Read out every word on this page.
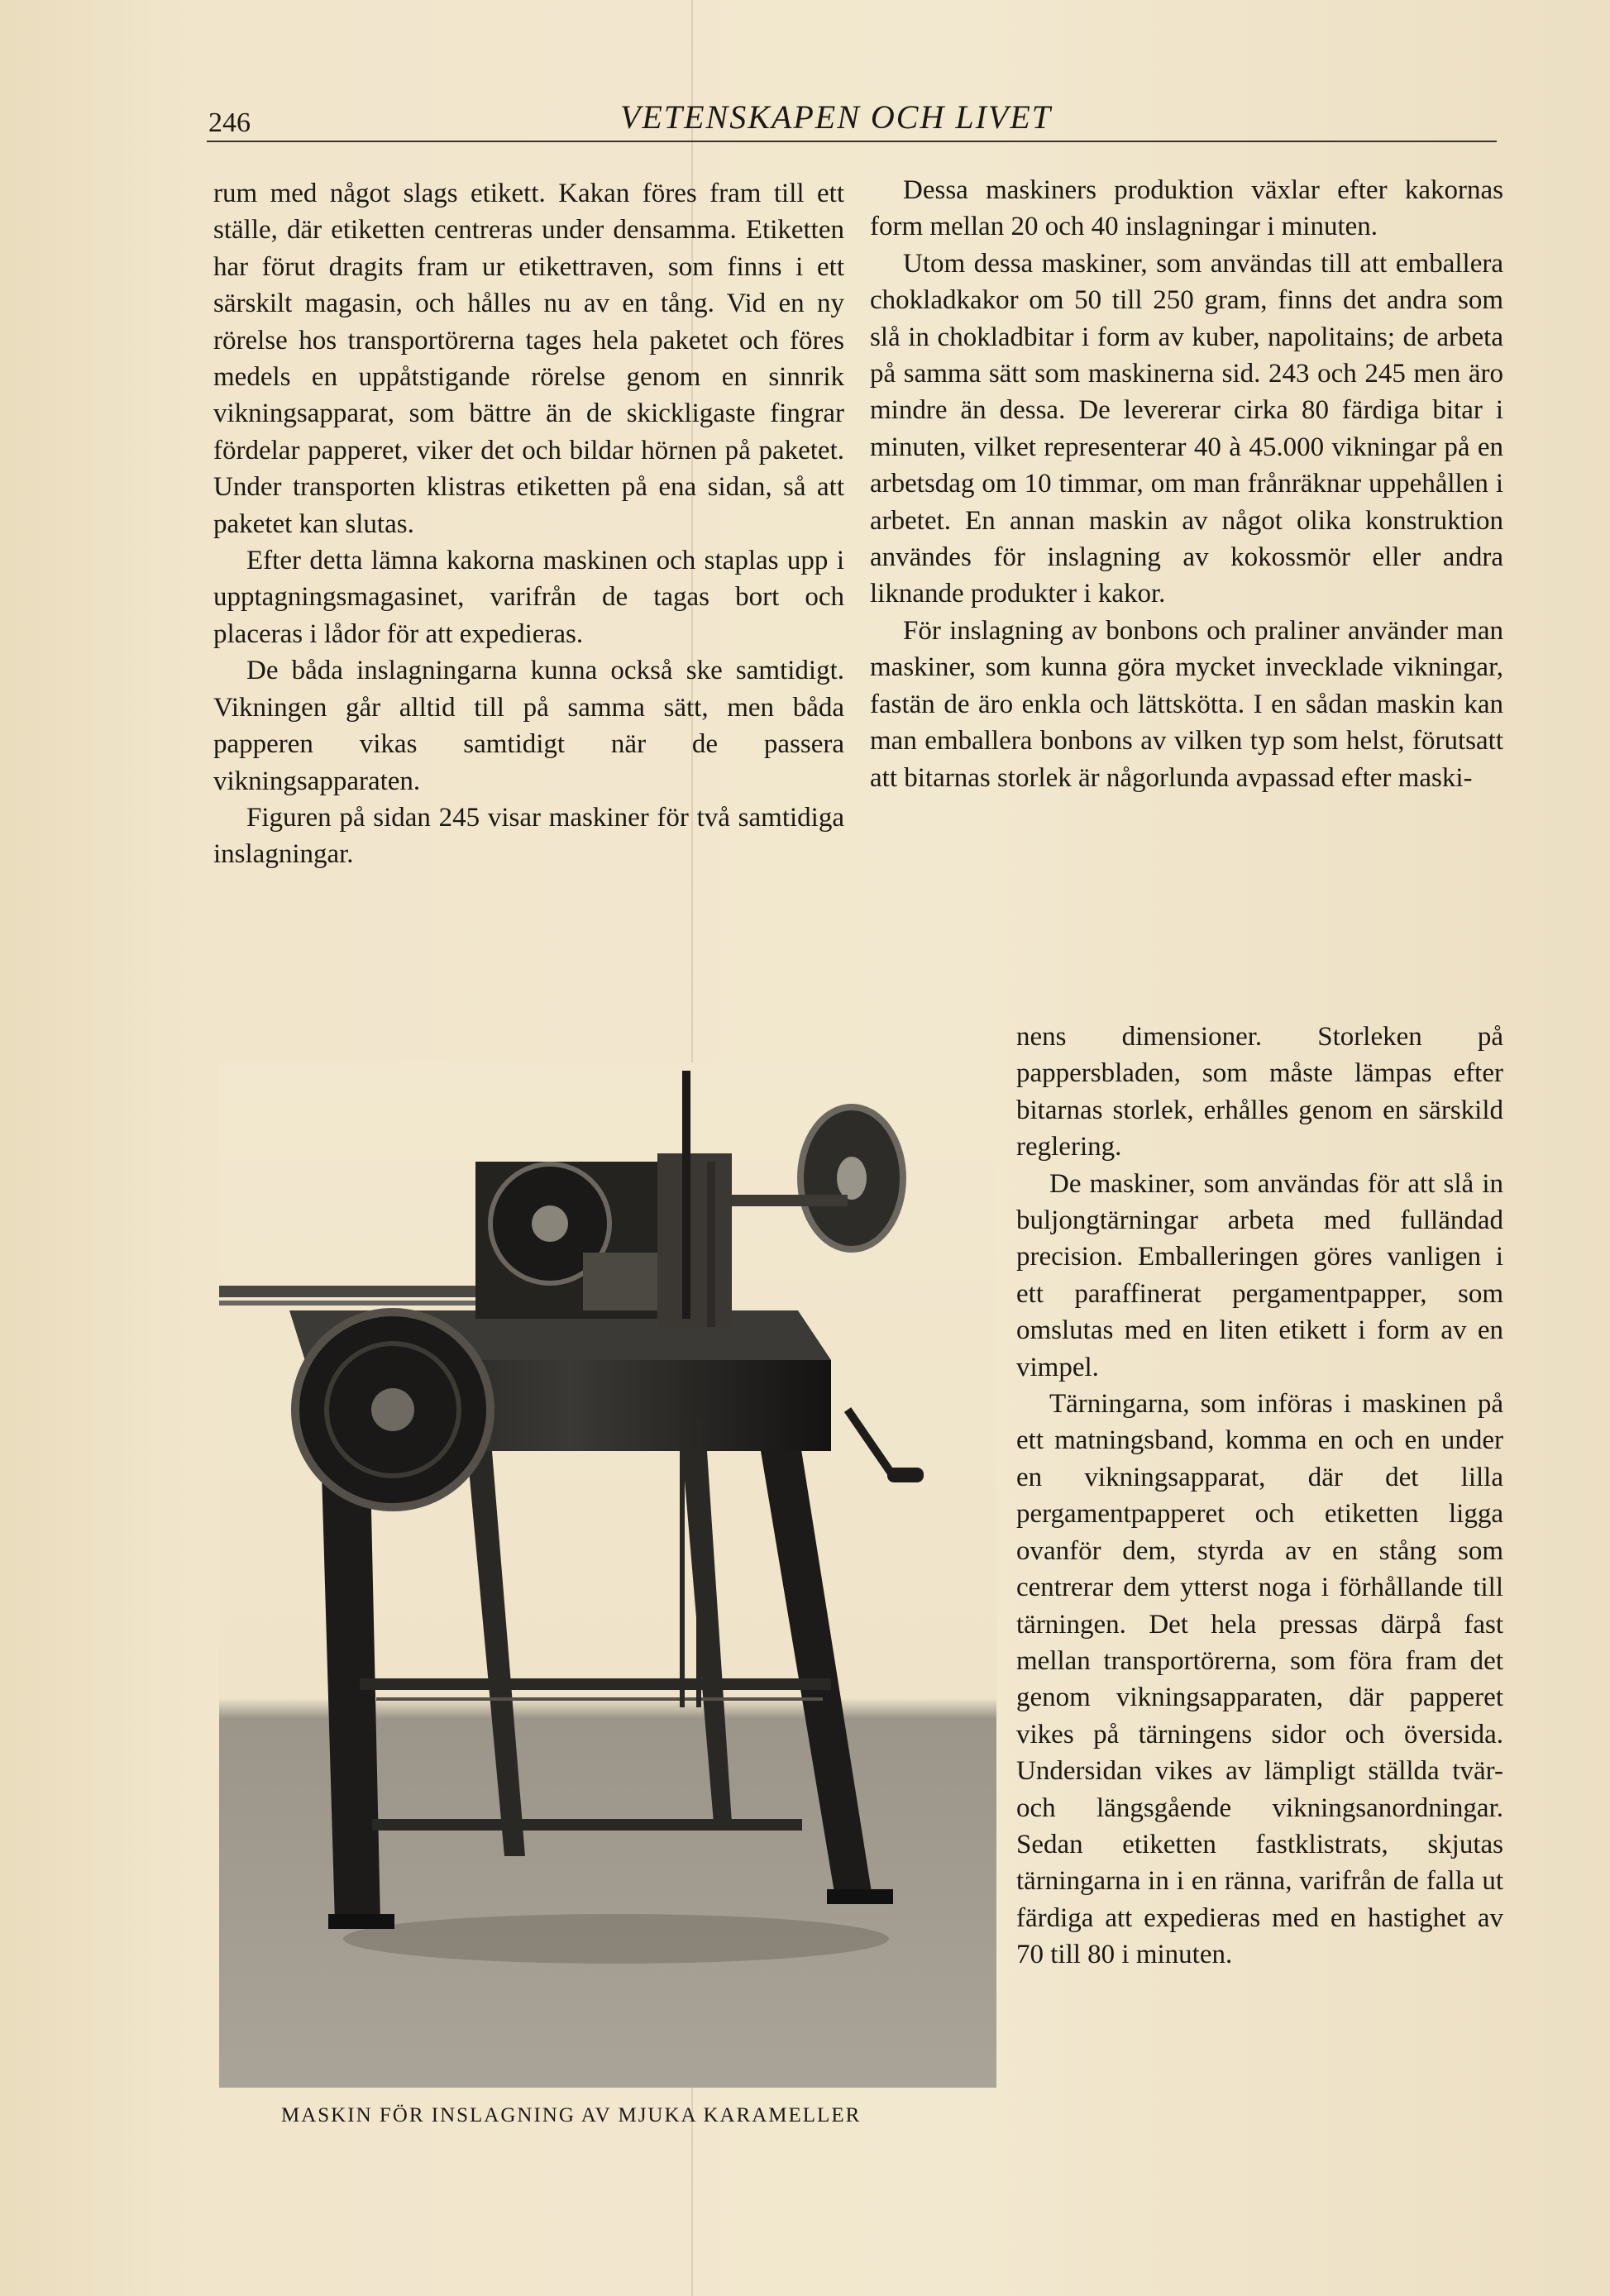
246	VETENSKAPEN OCH LIVET

rum med något slags etikett. Kakan föres fram till ett ställe, där etiketten centreras under densamma. Etiketten har förut dragits fram ur etikettraven, som finns i ett särskilt magasin, och hålles nu av en tång. Vid en ny rörelse hos transportörerna tages hela paketet och föres medels en uppåtstigande rörelse genom en sinnrik vikningsapparat, som bättre än de skickligaste fingrar fördelar papperet, viker det och bildar hörnen på paketet. Under transporten klistras etiketten på ena sidan, så att paketet kan slutas.

Efter detta lämna kakorna maskinen och staplas upp i upptagningsmagasinet, varifrån de tagas bort och placeras i lådor för att expedieras.

De båda inslagningarna kunna också ske samtidigt. Vikningen går alltid till på samma sätt, men båda papperen vikas samtidigt när de passera vikningsapparaten.

Figuren på sidan 245 visar maskiner för två samtidiga inslagningar.

Dessa maskiners produktion växlar efter kakornas form mellan 20 och 40 inslagningar i minuten.

Utom dessa maskiner, som användas till att emballera chokladkakor om 50 till 250 gram, finns det andra som slå in chokladbitar i form av kuber, napolitains; de arbeta på samma sätt som maskinerna sid. 243 och 245 men äro mindre än dessa. De levererar cirka 80 färdiga bitar i minuten, vilket representerar 40 à 45.000 vikningar på en arbetsdag om 10 timmar, om man frånräknar uppehållen i arbetet. En annan maskin av något olika konstruktion användes för inslagning av kokossmör eller andra liknande produkter i kakor.

För inslagning av bonbons och praliner använder man maskiner, som kunna göra mycket invecklade vikningar, fastän de äro enkla och lättskötta. I en sådan maskin kan man emballera bonbons av vilken typ som helst, förutsatt att bitarnas storlek är någorlunda avpassad efter maski-

nens dimensioner. Storleken på pappersbladen, som måste lämpas efter bitarnas storlek, erhålles genom en särskild reglering.

De maskiner, som användas för att slå in buljongtärningar arbeta med fulländad precision. Emballeringen göres vanligen i ett paraffinerat pergamentpapper, som omslutas med en liten etikett i form av en vimpel.

Tärningarna, som införas i maskinen på ett matningsband, komma en och en under en vikningsapparat, där det lilla pergamentpapperet och etiketten ligga ovanför dem, styrda av en stång som centrerar dem ytterst noga i förhållande till tärningen. Det hela pressas därpå fast mellan transportörerna, som föra fram det genom vikningsapparaten, där papperet vikes på tärningens sidor och översida. Undersidan vikes av lämpligt ställda tvär- och längsgående vikningsanordningar. Sedan etiketten fastklistrats, skjutas tärningarna in i en ränna, varifrån de falla ut färdiga att expedieras med en hastighet av 70 till 80 i minuten.

MASKIN FÖR INSLAGNING AV MJUKA KARAMELLER
